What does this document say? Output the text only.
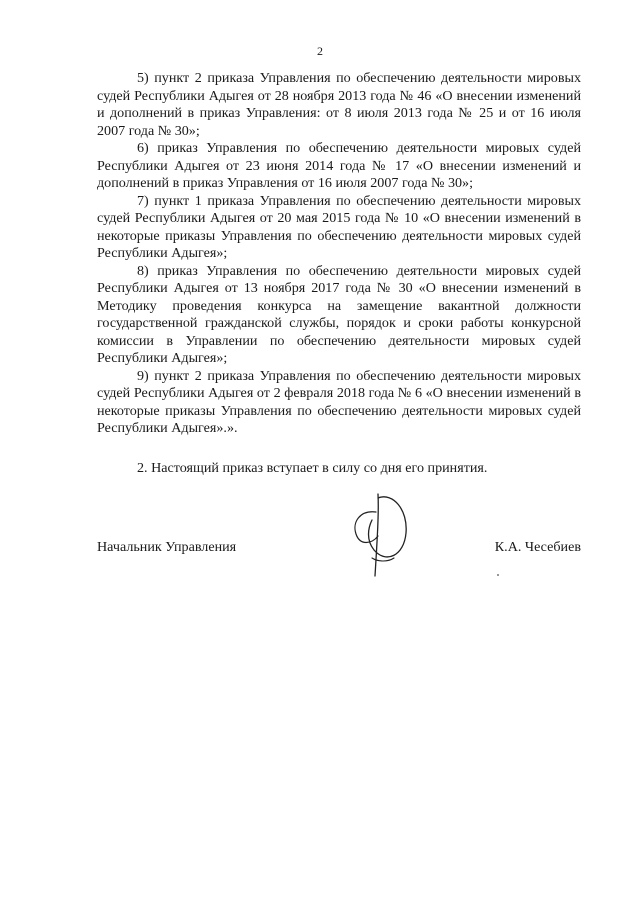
2

5) пункт 2 приказа Управления по обеспечению деятельности мировых судей Республики Адыгея от 28 ноября 2013 года № 46 «О внесении изменений и дополнений в приказ Управления: от 8 июля 2013 года № 25 и от 16 июля 2007 года № 30»;

6) приказ Управления по обеспечению деятельности мировых судей Республики Адыгея от 23 июня 2014 года № 17 «О внесении изменений и дополнений в приказ Управления от 16 июля 2007 года № 30»;

7) пункт 1 приказа Управления по обеспечению деятельности мировых судей Республики Адыгея от 20 мая 2015 года № 10 «О внесении изменений в некоторые приказы Управления по обеспечению деятельности мировых судей Республики Адыгея»;

8) приказ Управления по обеспечению деятельности мировых судей Республики Адыгея от 13 ноября 2017 года № 30 «О внесении изменений в Методику проведения конкурса на замещение вакантной должности государственной гражданской службы, порядок и сроки работы конкурсной комиссии в Управлении по обеспечению деятельности мировых судей Республики Адыгея»;

9) пункт 2 приказа Управления по обеспечению деятельности мировых судей Республики Адыгея от 2 февраля 2018 года № 6 «О внесении изменений в некоторые приказы Управления по обеспечению деятельности мировых судей Республики Адыгея».».

2. Настоящий приказ вступает в силу со дня его принятия.

Начальник Управления	К.А. Чесебиев
